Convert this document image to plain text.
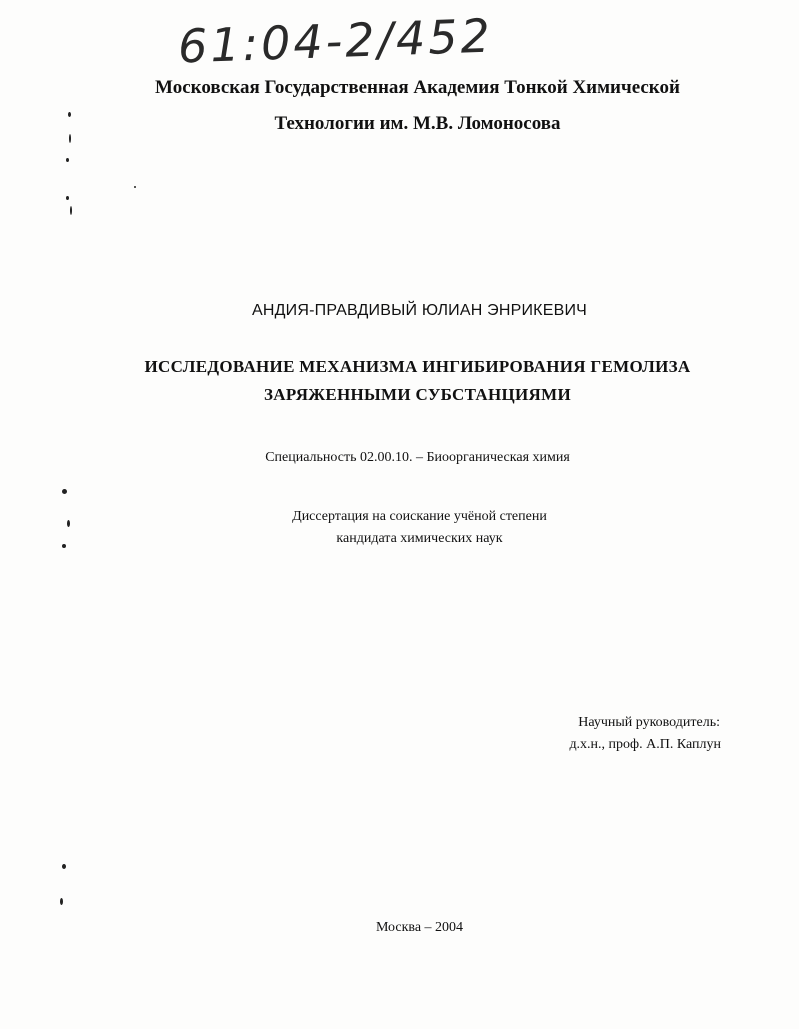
61:04-2/452
Московская Государственная Академия Тонкой Химической
Технологии им. М.В. Ломоносова
АНДИЯ-ПРАВДИВЫЙ ЮЛИАН ЭНРИКЕВИЧ
ИССЛЕДОВАНИЕ МЕХАНИЗМА ИНГИБИРОВАНИЯ ГЕМОЛИЗА
ЗАРЯЖЕННЫМИ СУБСТАНЦИЯМИ
Специальность 02.00.10. – Биоорганическая химия
Диссертация на соискание учёной степени
кандидата химических наук
Научный руководитель:
д.х.н., проф. А.П. Каплун
Москва – 2004
